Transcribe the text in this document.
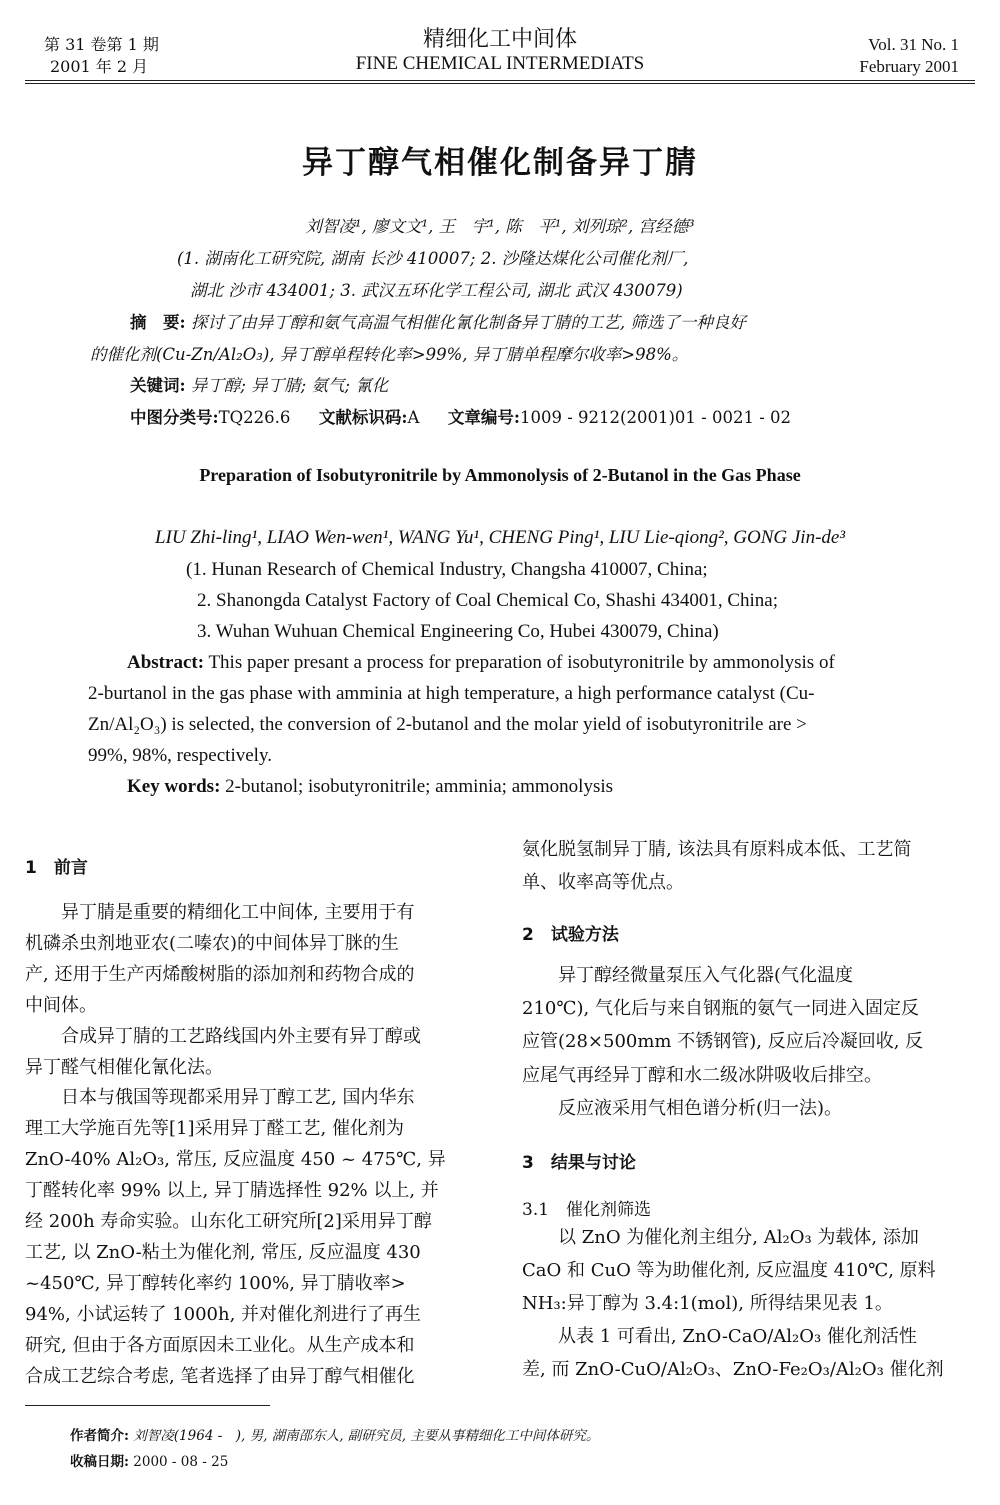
第 31 卷第 1 期
2001 年 2 月
精细化工中间体
FINE CHEMICAL INTERMEDIATS
Vol. 31 No. 1
February 2001
异丁醇气相催化制备异丁腈
刘智凌¹, 廖文文¹, 王　宇¹, 陈　平¹, 刘列琼², 宫经德³
(1. 湖南化工研究院, 湖南 长沙 410007; 2. 沙隆达煤化公司催化剂厂,
湖北 沙市 434001; 3. 武汉五环化学工程公司, 湖北 武汉 430079)
摘　要: 探讨了由异丁醇和氨气高温气相催化氰化制备异丁腈的工艺, 筛选了一种良好
的催化剂(Cu-Zn/Al₂O₃), 异丁醇单程转化率>99%, 异丁腈单程摩尔收率>98%。
关键词: 异丁醇; 异丁腈; 氨气; 氰化
中图分类号:TQ226.6 文献标识码:A 文章编号:1009 - 9212(2001)01 - 0021 - 02
Preparation of Isobutyronitrile by Ammonolysis of 2-Butanol in the Gas Phase
LIU Zhi-ling¹, LIAO Wen-wen¹, WANG Yu¹, CHENG Ping¹, LIU Lie-qiong², GONG Jin-de³
(1. Hunan Research of Chemical Industry, Changsha 410007, China;
2. Shanongda Catalyst Factory of Coal Chemical Co, Shashi 434001, China;
3. Wuhan Wuhuan Chemical Engineering Co, Hubei 430079, China)
Abstract: This paper presant a process for preparation of isobutyronitrile by ammonolysis of
2-burtanol in the gas phase with amminia at high temperature, a high performance catalyst (Cu-
Zn/Al₂O₃) is selected, the conversion of 2-butanol and the molar yield of isobutyronitrile are >
99%, 98%, respectively.
Key words: 2-butanol; isobutyronitrile; amminia; ammonolysis
1　前言
　　异丁腈是重要的精细化工中间体, 主要用于有
机磷杀虫剂地亚农(二嗪农)的中间体异丁脒的生
产, 还用于生产丙烯酸树脂的添加剂和药物合成的
中间体。
　　合成异丁腈的工艺路线国内外主要有异丁醇或
异丁醛气相催化氰化法。
　　日本与俄国等现都采用异丁醇工艺, 国内华东
理工大学施百先等[1]采用异丁醛工艺, 催化剂为
ZnO-40% Al₂O₃, 常压, 反应温度 450 ~ 475℃, 异
丁醛转化率 99% 以上, 异丁腈选择性 92% 以上, 并
经 200h 寿命实验。山东化工研究所[2]采用异丁醇
工艺, 以 ZnO-粘土为催化剂, 常压, 反应温度 430
~450℃, 异丁醇转化率约 100%, 异丁腈收率>
94%, 小试运转了 1000h, 并对催化剂进行了再生
研究, 但由于各方面原因未工业化。从生产成本和
合成工艺综合考虑, 笔者选择了由异丁醇气相催化
氨化脱氢制异丁腈, 该法具有原料成本低、工艺简
单、收率高等优点。
2　试验方法
　　异丁醇经微量泵压入气化器(气化温度
210℃), 气化后与来自钢瓶的氨气一同进入固定反
应管(28×500mm 不锈钢管), 反应后冷凝回收, 反
应尾气再经异丁醇和水二级冰阱吸收后排空。
　　反应液采用气相色谱分析(归一法)。
3　结果与讨论
3.1　催化剂筛选
　　以 ZnO 为催化剂主组分, Al₂O₃ 为载体, 添加
CaO 和 CuO 等为助催化剂, 反应温度 410℃, 原料
NH₃:异丁醇为 3.4:1(mol), 所得结果见表 1。
　　从表 1 可看出, ZnO-CaO/Al₂O₃ 催化剂活性
差, 而 ZnO-CuO/Al₂O₃、ZnO-Fe₂O₃/Al₂O₃ 催化剂
作者简介: 刘智凌(1964 -　), 男, 湖南邵东人, 副研究员, 主要从事精细化工中间体研究。
收稿日期: 2000 - 08 - 25
